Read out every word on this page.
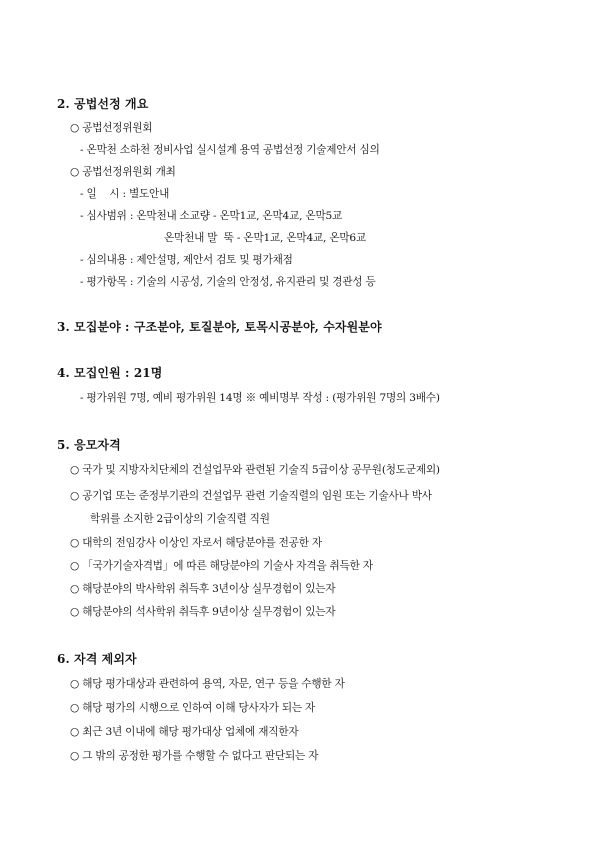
2. 공법선정 개요
○ 공법선정위원회
- 온막천 소하천 정비사업 실시설계 용역 공법선정 기술제안서 심의
○ 공법선정위원회 개최
- 일    시 : 별도안내
- 심사범위 : 온막천내 소교량 - 온막1교, 온막4교, 온막5교
온막천내 말  뚝 - 온막1교, 온막4교, 온막6교
- 심의내용 : 제안설명, 제안서 검토 및 평가채점
- 평가항목 : 기술의 시공성, 기술의 안정성, 유지관리 및 경관성 등
3. 모집분야 : 구조분야, 토질분야, 토목시공분야, 수자원분야
4. 모집인원 : 21명
- 평가위원 7명, 예비 평가위원 14명 ※ 예비명부 작성 : (평가위원 7명의 3배수)
5. 응모자격
○ 국가 및 지방자치단체의 건설업무와 관련된 기술직 5급이상 공무원(청도군제외)
○ 공기업 또는 준정부기관의 건설업무 관련 기술직렬의 임원 또는 기술사나 박사
학위를 소지한 2급이상의 기술직렬 직원
○ 대학의 전임강사 이상인 자로서 해당분야를 전공한 자
○ 「국가기술자격법」에 따른 해당분야의 기술사 자격을 취득한 자
○ 해당분야의 박사학위 취득후 3년이상 실무경험이 있는자
○ 해당분야의 석사학위 취득후 9년이상 실무경험이 있는자
6. 자격 제외자
○ 해당 평가대상과 관련하여 용역, 자문, 연구 등을 수행한 자
○ 해당 평가의 시행으로 인하여 이해 당사자가 되는 자
○ 최근 3년 이내에 해당 평가대상 업체에 재직한자
○ 그 밖의 공정한 평가를 수행할 수 없다고 판단되는 자
